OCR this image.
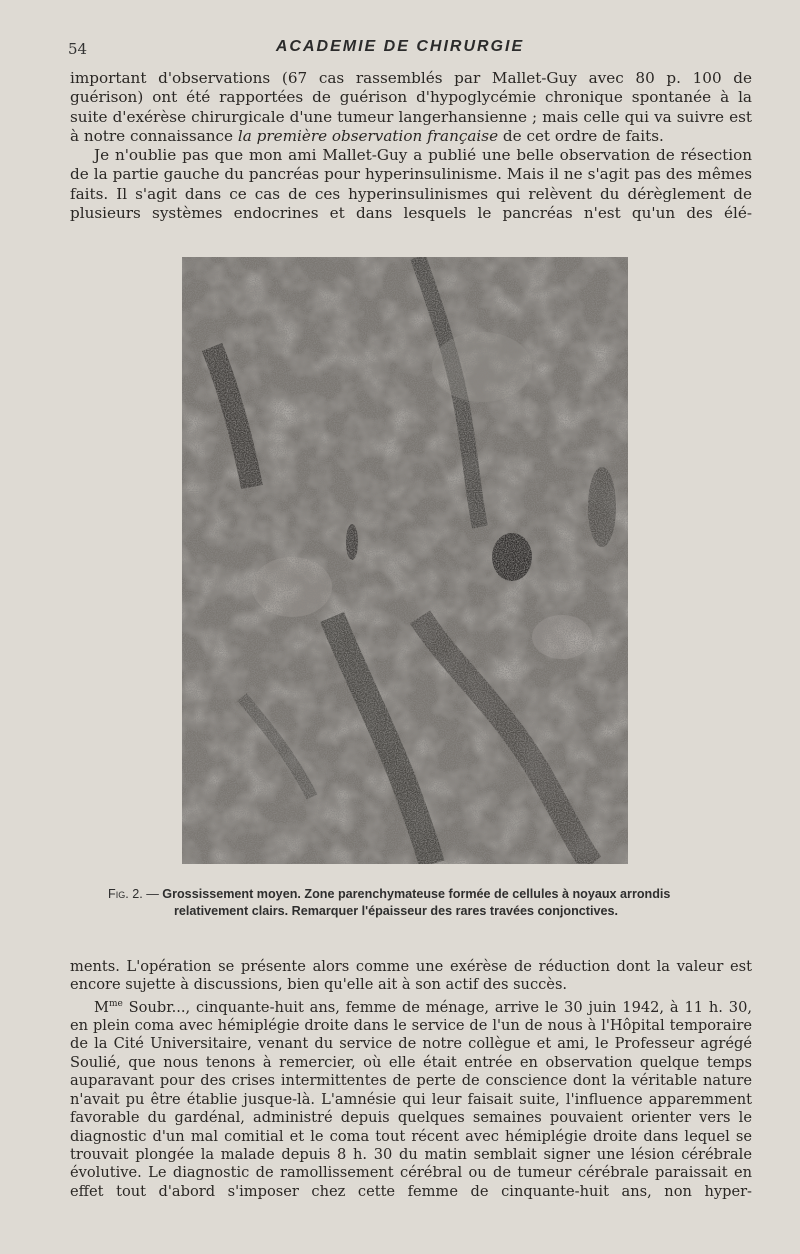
54	ACADEMIE DE CHIRURGIE

important d'observations (67 cas rassemblés par Mallet-Guy avec 80 p. 100 de guérison) ont été rapportées de guérison d'hypoglycémie chronique spontanée à la suite d'exérèse chirurgicale d'une tumeur langerhansienne ; mais celle qui va suivre est à notre connaissance la première observation française de cet ordre de faits.

Je n'oublie pas que mon ami Mallet-Guy a publié une belle observation de résection de la partie gauche du pancréas pour hyperinsulinisme. Mais il ne s'agit pas des mêmes faits. Il s'agit dans ce cas de ces hyperinsulinismes qui relèvent du dérèglement de plusieurs systèmes endocrines et dans lesquels le pancréas n'est qu'un des élé-

Fig. 2. — Grossissement moyen. Zone parenchymateuse formée de cellules à noyaux arrondis
relativement clairs. Remarquer l'épaisseur des rares travées conjonctives.

ments. L'opération se présente alors comme une exérèse de réduction dont la valeur est encore sujette à discussions, bien qu'elle ait à son actif des succès.

$M^{me}$ Soubr..., cinquante-huit ans, femme de ménage, arrive le 30 juin 1942, à 11 h. 30, en plein coma avec hémiplégie droite dans le service de l'un de nous à l'Hôpital temporaire de la Cité Universitaire, venant du service de notre collègue et ami, le Professeur agrégé Soulié, que nous tenons à remercier, où elle était entrée en observation quelque temps auparavant pour des crises intermittentes de perte de conscience dont la véritable nature n'avait pu être établie jusque-là. L'amnésie qui leur faisait suite, l'influence apparemment favorable du gardénal, administré depuis quelques semaines pouvaient orienter vers le diagnostic d'un mal comitial et le coma tout récent avec hémiplégie droite dans lequel se trouvait plongée la malade depuis 8 h. 30 du matin semblait signer une lésion cérébrale évolutive. Le diagnostic de ramollissement cérébral ou de tumeur cérébrale paraissait en effet tout d'abord s'imposer chez cette femme de cinquante-huit ans, non hyper-
